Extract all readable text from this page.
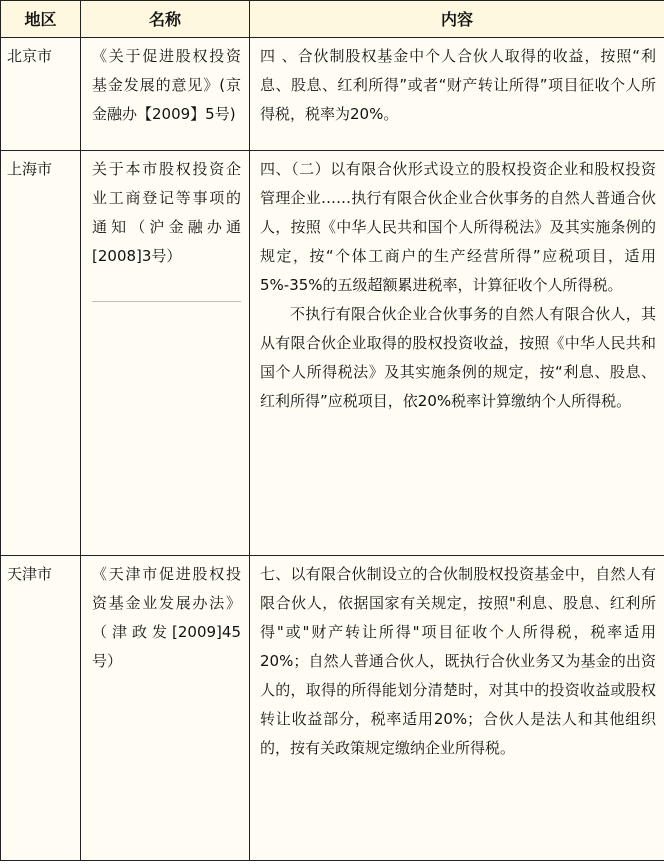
地区	名称	内容
北京市	《关于促进股权投资基金发展的意见》(京金融办【2009】5号)	四 、合伙制股权基金中个人合伙人取得的收益，按照“利息、股息、红利所得”或者“财产转让所得”项目征收个人所得税，税率为20%。

上海市	关于本市股权投资企业工商登记等事项的通知（沪金融办通[2008]3号）	四、（二）以有限合伙形式设立的股权投资企业和股权投资管理企业……执行有限合伙企业合伙事务的自然人普通合伙人，按照《中华人民共和国个人所得税法》及其实施条例的规定，按“个体工商户的生产经营所得”应税项目，适用5%-35%的五级超额累进税率，计算征收个人所得税。

不执行有限合伙企业合伙事务的自然人有限合伙人，其从有限合伙企业取得的股权投资收益，按照《中华人民共和国个人所得税法》及其实施条例的规定，按“利息、股息、红利所得”应税项目，依20%税率计算缴纳个人所得税。

天津市	《天津市促进股权投资基金业发展办法》（津政发[2009]45号）	七、以有限合伙制设立的合伙制股权投资基金中，自然人有限合伙人，依据国家有关规定，按照"利息、股息、红利所得"或"财产转让所得"项目征收个人所得税，税率适用20%；自然人普通合伙人，既执行合伙业务又为基金的出资人的，取得的所得能划分清楚时，对其中的投资收益或股权转让收益部分，税率适用20%；合伙人是法人和其他组织的，按有关政策规定缴纳企业所得税。
